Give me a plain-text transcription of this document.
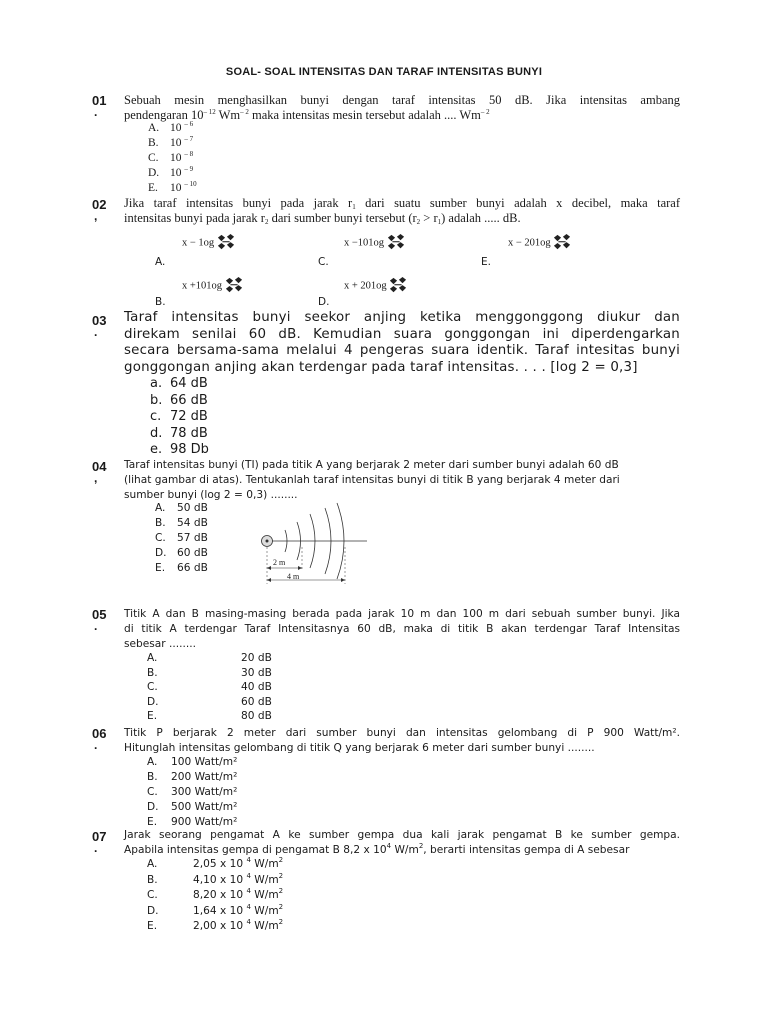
SOAL- SOAL INTENSITAS DAN TARAF INTENSITAS BUNYI
01
.
Sebuah mesin menghasilkan bunyi dengan taraf intensitas 50 dB. Jika intensitas ambang
pendengaran $10^{- 12}$ $Wm^{- 2}$ maka intensitas mesin tersebut adalah .... $Wm^{- 2}$
A. 10 $^{- 6}$
B. 10 $^{- 7}$
C. 10 $^{- 8}$
D. 10 $^{- 9}$
E. 10 $^{- 10}$
02
,
Jika taraf intensitas bunyi pada jarak $r_1$ dari suatu sumber bunyi adalah x decibel, maka taraf
intensitas bunyi pada jarak $r_2$ dari sumber bunyi tersebut $(r_2 > r_1)$ adalah ..... dB.
x − 1og
A.
x −101og
C.
x − 201og
E.
x +101og
B.
x + 201og
D.
03
.
Taraf intensitas bunyi seekor anjing ketika menggonggong diukur dan
direkam senilai 60 dB. Kemudian suara gonggongan ini diperdengarkan
secara bersama-sama melalui 4 pengeras suara identik. Taraf intesitas bunyi
gonggongan anjing akan terdengar pada taraf intensitas. . . . [log 2 = 0,3]
a. 64 dB
b. 66 dB
c. 72 dB
d. 78 dB
e. 98 Db
04
,
Taraf intensitas bunyi (TI) pada titik A yang berjarak 2 meter dari sumber bunyi adalah 60 dB
(lihat gambar di atas). Tentukanlah taraf intensitas bunyi di titik B yang berjarak 4 meter dari
sumber bunyi (log 2 = 0,3) ........
A. 50 dB
B. 54 dB
C. 57 dB
D. 60 dB
E. 66 dB	2 m
4 m
05
.
Titik A dan B masing-masing berada pada jarak 10 m dan 100 m dari sebuah sumber bunyi. Jika
di titik A terdengar Taraf Intensitasnya 60 dB, maka di titik B akan terdengar Taraf Intensitas
sebesar ........
A.	20 dB
B.	30 dB
C.	40 dB
D.	60 dB
E.	80 dB
06
.
Titik P berjarak 2 meter dari sumber bunyi dan intensitas gelombang di P 900 Watt/m².
Hitunglah intensitas gelombang di titik Q yang berjarak 6 meter dari sumber bunyi ........
A. 100 Watt/m²
B. 200 Watt/m²
C. 300 Watt/m²
D. 500 Watt/m²
E. 900 Watt/m²
07
.
Jarak seorang pengamat A ke sumber gempa dua kali jarak pengamat B ke sumber gempa.
Apabila intensitas gempa di pengamat B 8,2 x $10^4$ $W/m^2$, berarti intensitas gempa di A sebesar
A.	2,05 x 10 $^4$ $W/m^2$
B.	4,10 x 10 $^4$ $W/m^2$
C.	8,20 x 10 $^4$ $W/m^2$
D.	1,64 x 10 $^4$ $W/m^2$
E.	2,00 x 10 $^4$ $W/m^2$
